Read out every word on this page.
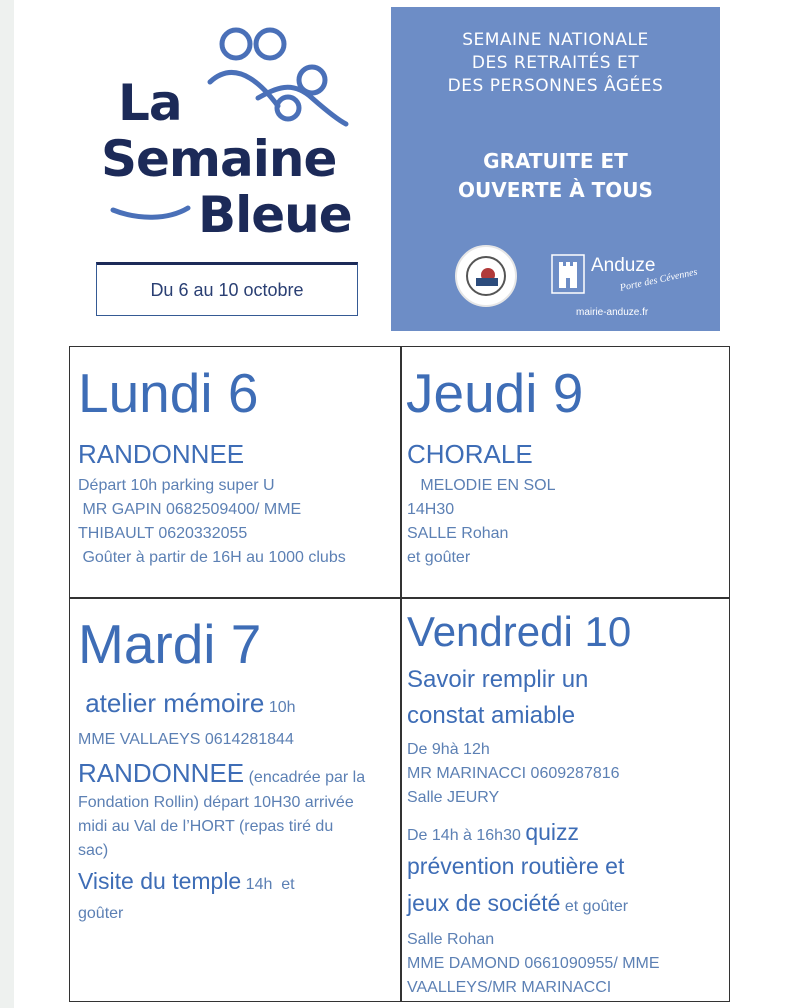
La
Semaine
Bleue
Du 6 au 10 octobre
SEMAINE NATIONALE
DES RETRAITÉS ET
DES PERSONNES ÂGÉES
GRATUITE ET
OUVERTE À TOUS
Anduze
Porte des Cévennes
mairie-anduze.fr
Lundi 6
RANDONNEE
Départ 10h parking super U
MR GAPIN 0682509400/ MME
THIBAULT 0620332055
Goûter à partir de 16H au 1000 clubs
Jeudi 9
CHORALE
MELODIE EN SOL
14H30
SALLE Rohan
et goûter
Mardi 7
atelier mémoire 10h
MME VALLAEYS 0614281844
RANDONNEE (encadrée par la
Fondation Rollin) départ 10H30 arrivée
midi au Val de l’HORT (repas tiré du
sac)
Visite du temple 14h  et
goûter
Vendredi 10
Savoir remplir un
constat amiable
De 9hà 12h
MR MARINACCI 0609287816
Salle JEURY
De 14h à 16h30 quizz
prévention routière et
jeux de société et goûter
Salle Rohan
MME DAMOND 0661090955/ MME
VAALLEYS/MR MARINACCI
